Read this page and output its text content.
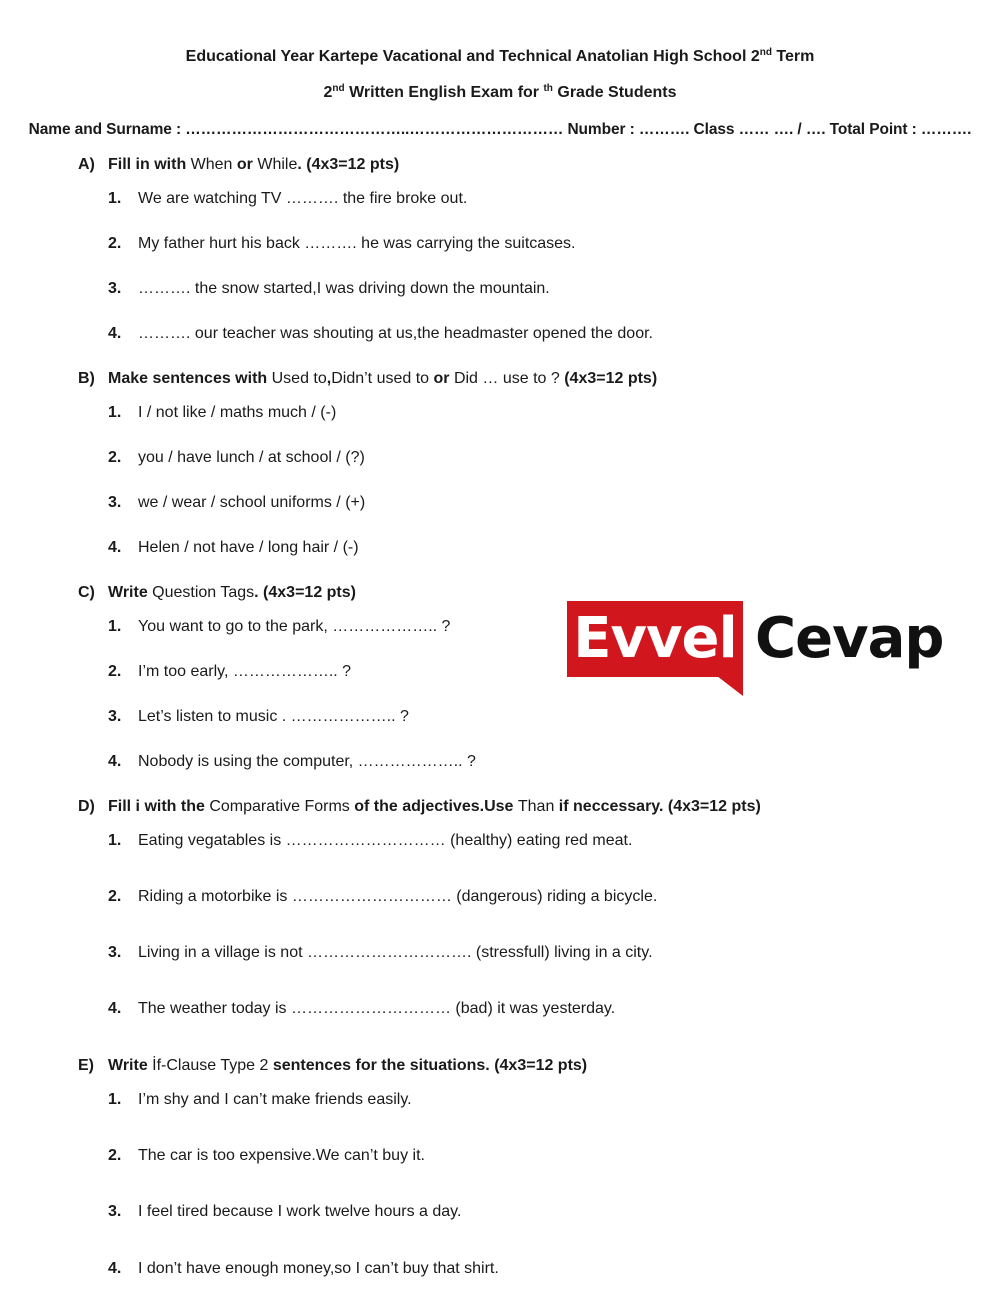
Educational Year Kartepe Vacational and Technical Anatolian High School 2nd Term
2nd Written English Exam for $^{th}$ Grade Students
Name and Surname : ……………………………………..………………………… Number : ………. Class …… …. / …. Total Point : ……….
A) Fill in with When or While. (4x3=12 pts)
1. We are watching TV ………. the fire broke out.
2. My father hurt his back ………. he was carrying the suitcases.
3. ………. the snow started,I was driving down the mountain.
4. ………. our teacher was shouting at us,the headmaster opened the door.
B) Make sentences with Used to,Didn’t used to or Did … use to ? (4x3=12 pts)
1. I / not like / maths much / (-)
2. you / have lunch / at school / (?)
3. we / wear / school uniforms / (+)
4. Helen / not have / long hair / (-)
C) Write Question Tags. (4x3=12 pts)
1. You want to go to the park, ……………….. ?
2. I’m too early, ……………….. ?
3. Let’s listen to music . ……………….. ?
4. Nobody is using the computer, ……………….. ?
Evvel Cevap
D) Fill i with the Comparative Forms of the adjectives.Use Than if neccessary. (4x3=12 pts)
1. Eating vegatables is ………………………… (healthy) eating red meat.
2. Riding a motorbike is ………………………… (dangerous) riding a bicycle.
3. Living in a village is not …………………………. (stressfull) living in a city.
4. The weather today is ………………………… (bad) it was yesterday.
E) Write İf-Clause Type 2 sentences for the situations. (4x3=12 pts)
1. I’m shy and I can’t make friends easily.
2. The car is too expensive.We can’t buy it.
3. I feel tired because I work twelve hours a day.
4. I don’t have enough money,so I can’t buy that shirt.
